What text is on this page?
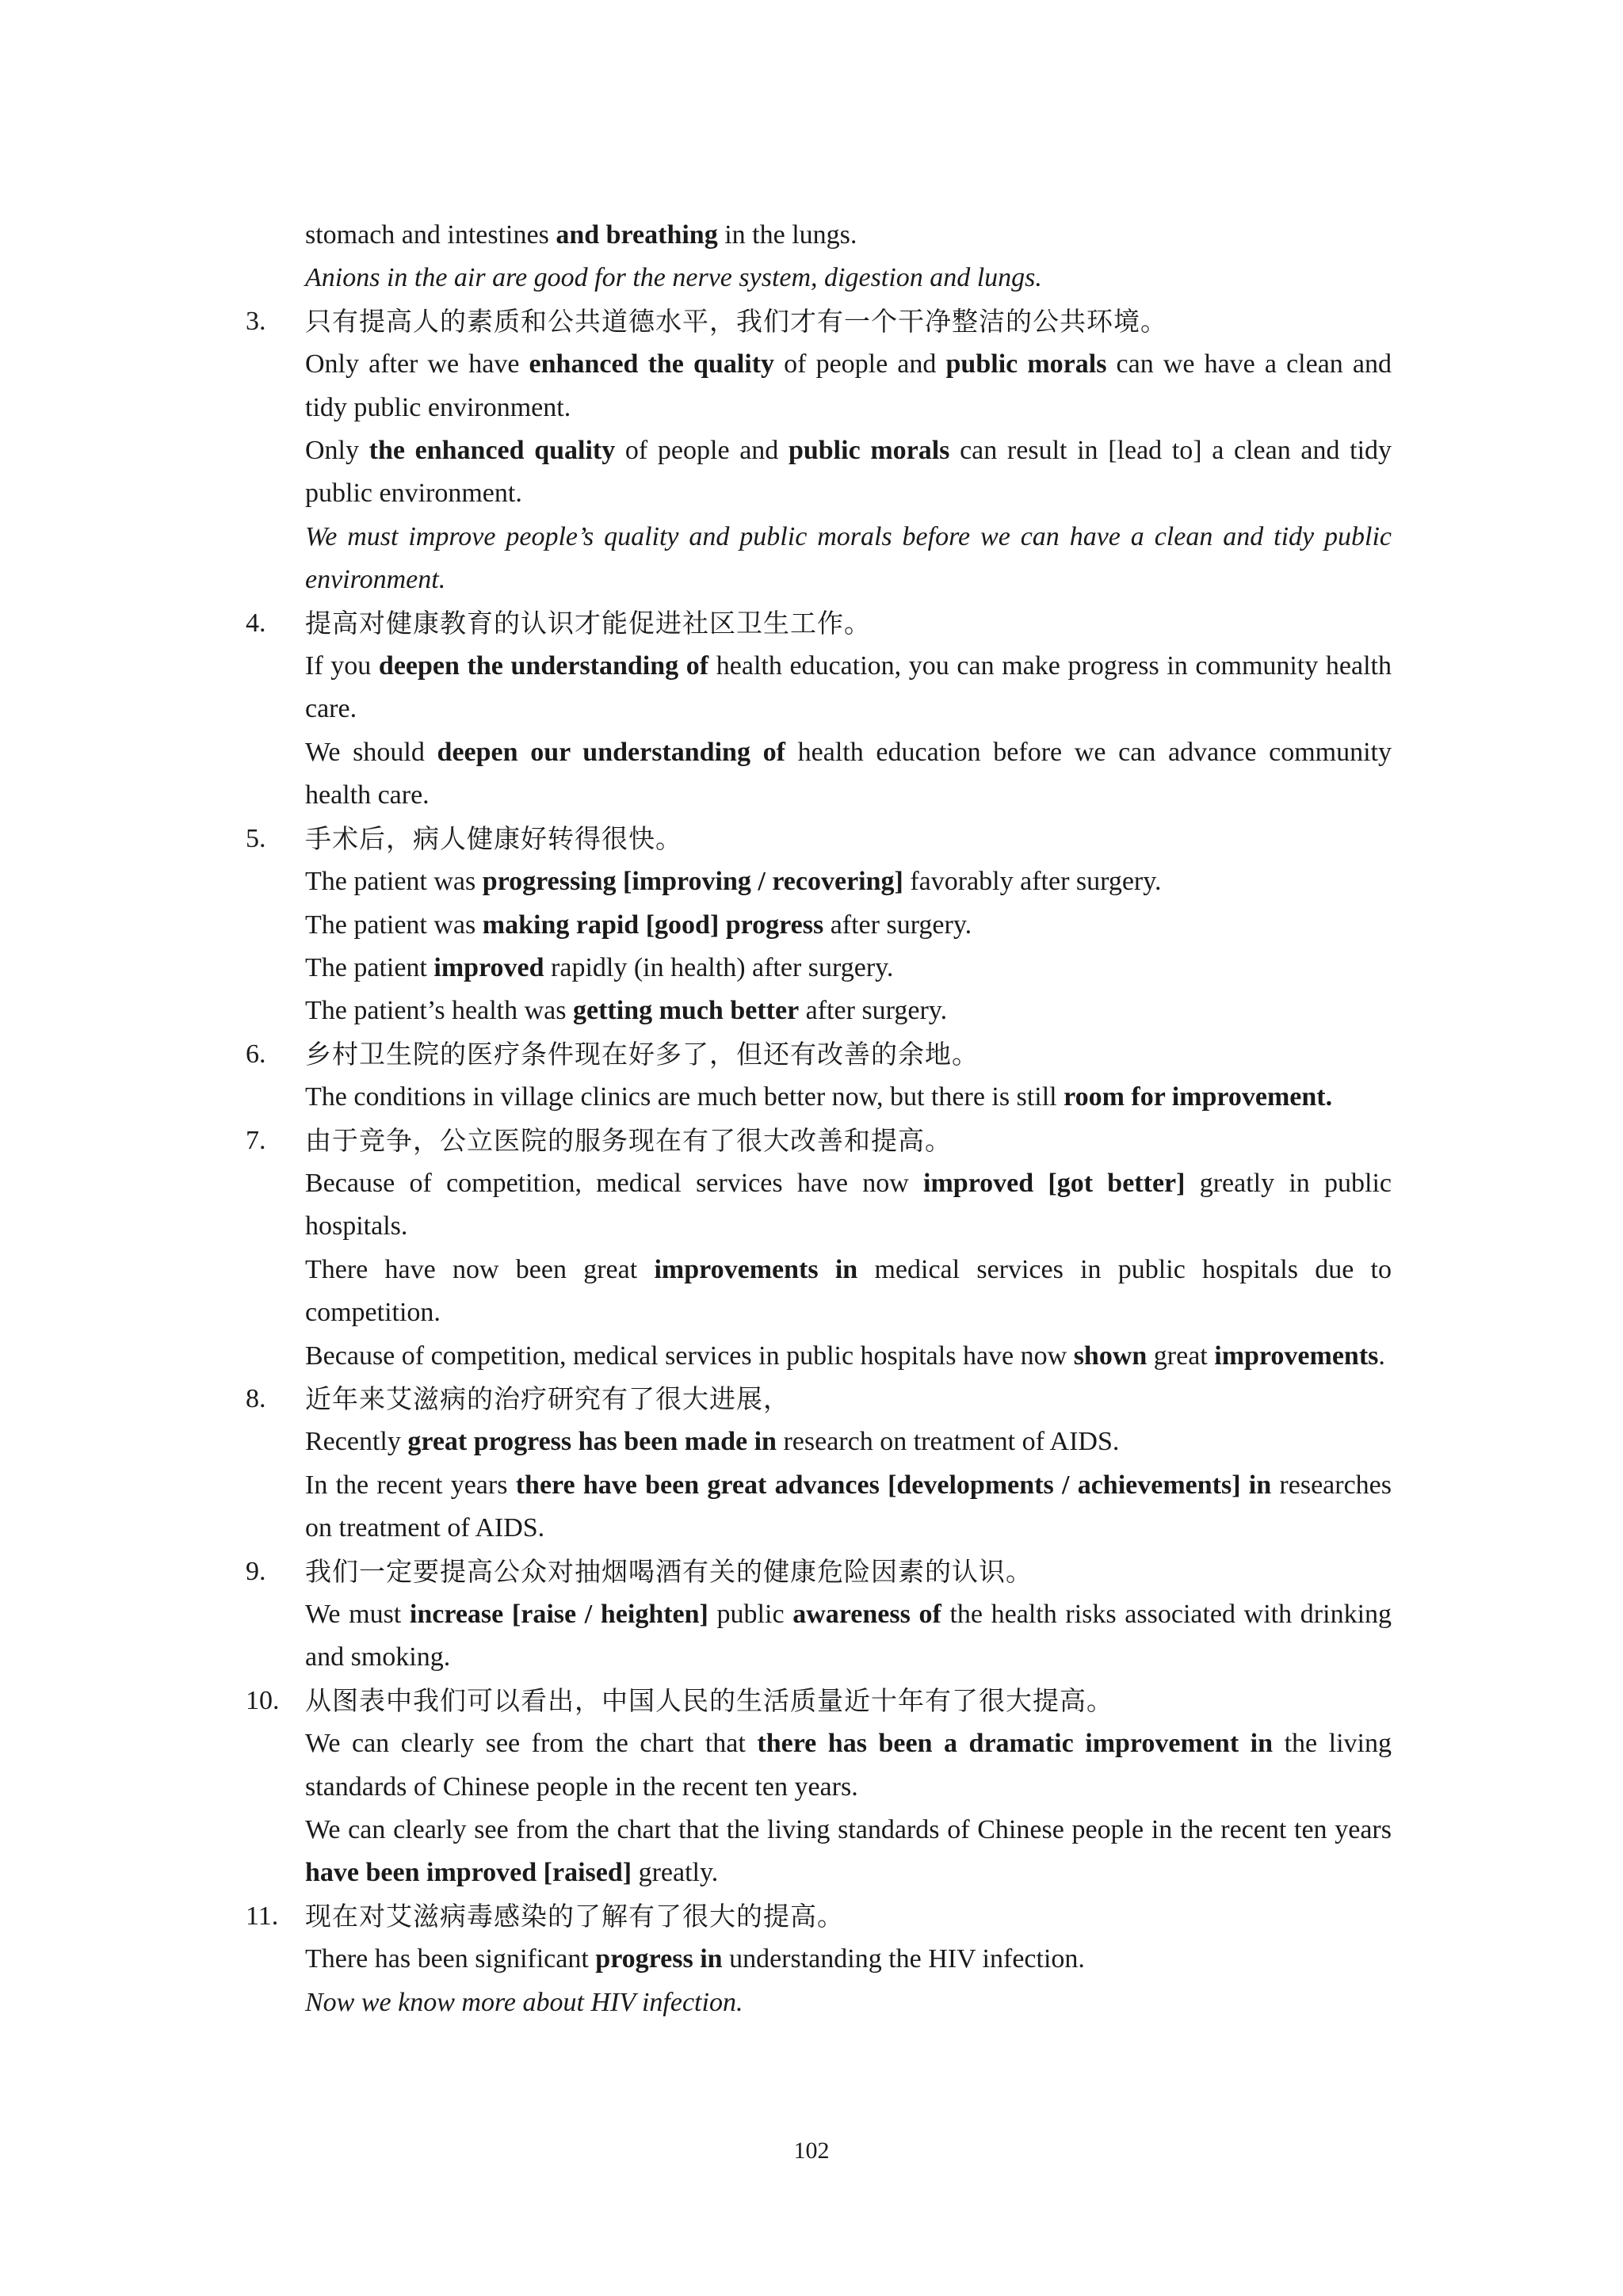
stomach and intestines and breathing in the lungs.
Anions in the air are good for the nerve system, digestion and lungs.
3.	只有提高人的素质和公共道德水平，我们才有一个干净整洁的公共环境。
Only after we have enhanced the quality of people and public morals can we have a clean and tidy public environment.
Only the enhanced quality of people and public morals can result in [lead to] a clean and tidy public environment.
We must improve people’s quality and public morals before we can have a clean and tidy public environment.
4.	提高对健康教育的认识才能促进社区卫生工作。
If you deepen the understanding of health education, you can make progress in community health care.
We should deepen our understanding of health education before we can advance community health care.
5.	手术后，病人健康好转得很快。
The patient was progressing [improving / recovering] favorably after surgery.
The patient was making rapid [good] progress after surgery.
The patient improved rapidly (in health) after surgery.
The patient’s health was getting much better after surgery.
6.	乡村卫生院的医疗条件现在好多了，但还有改善的余地。
The conditions in village clinics are much better now, but there is still room for improvement.
7.	由于竞争，公立医院的服务现在有了很大改善和提高。
Because of competition, medical services have now improved [got better] greatly in public hospitals.
There have now been great improvements in medical services in public hospitals due to competition.
Because of competition, medical services in public hospitals have now shown great improvements.
8.	近年来艾滋病的治疗研究有了很大进展，
Recently great progress has been made in research on treatment of AIDS.
In the recent years there have been great advances [developments / achievements] in researches on treatment of AIDS.
9.	我们一定要提高公众对抽烟喝酒有关的健康危险因素的认识。
We must increase [raise / heighten] public awareness of the health risks associated with drinking and smoking.
10. 从图表中我们可以看出，中国人民的生活质量近十年有了很大提高。
We can clearly see from the chart that there has been a dramatic improvement in the living standards of Chinese people in the recent ten years.
We can clearly see from the chart that the living standards of Chinese people in the recent ten years have been improved [raised] greatly.
11.	现在对艾滋病毒感染的了解有了很大的提高。
There has been significant progress in understanding the HIV infection.
Now we know more about HIV infection.
102
